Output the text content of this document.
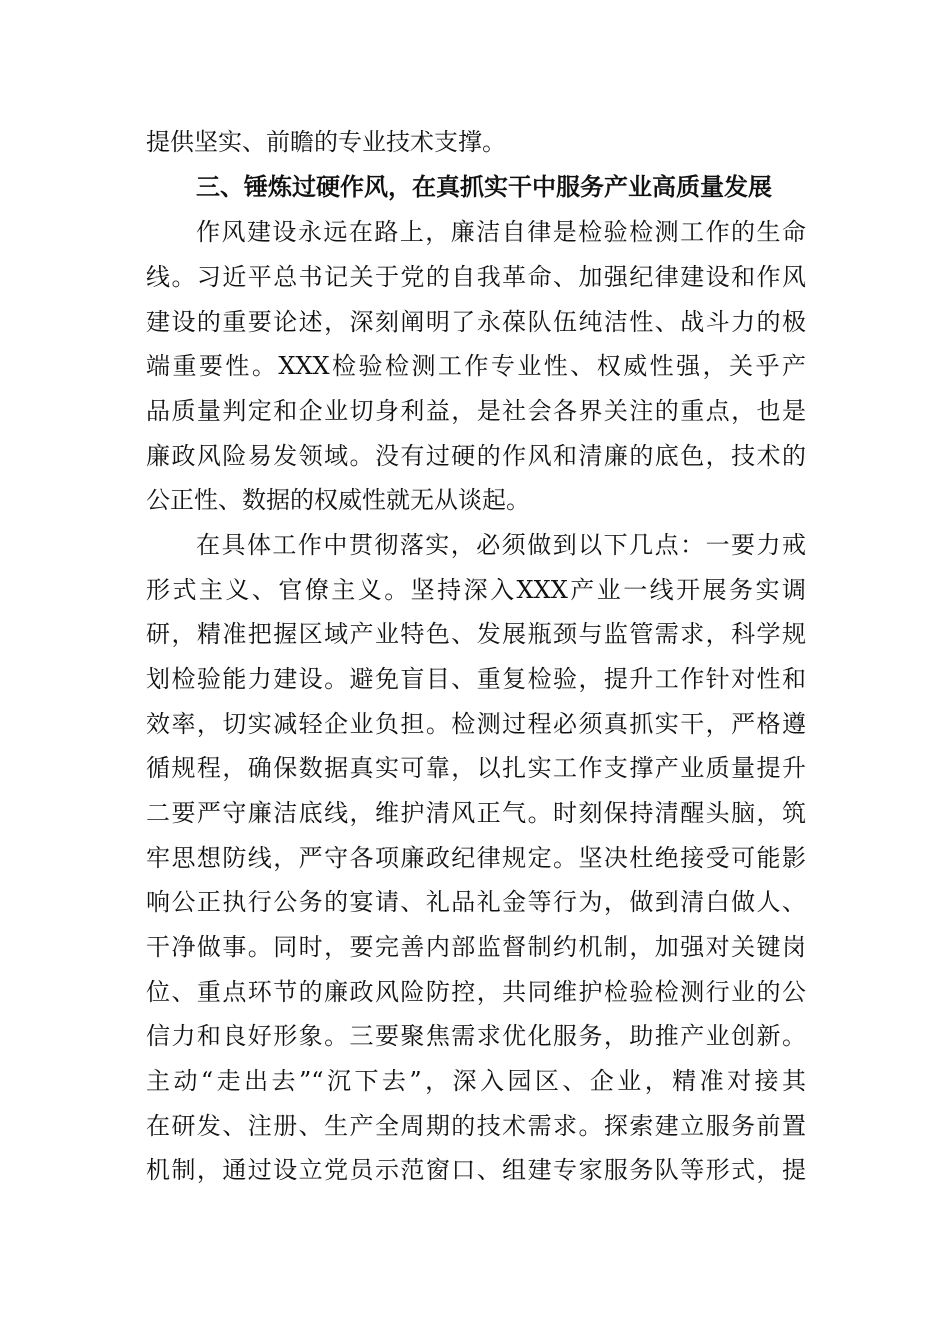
提供坚实、前瞻的专业技术支撑。
三、锤炼过硬作风，在真抓实干中服务产业高质量发展
作风建设永远在路上，廉洁自律是检验检测工作的生命
线。习近平总书记关于党的自我革命、加强纪律建设和作风
建设的重要论述，深刻阐明了永葆队伍纯洁性、战斗力的极
端重要性。XXX检验检测工作专业性、权威性强，关乎产
品质量判定和企业切身利益，是社会各界关注的重点，也是
廉政风险易发领域。没有过硬的作风和清廉的底色，技术的
公正性、数据的权威性就无从谈起。
在具体工作中贯彻落实，必须做到以下几点：一要力戒
形式主义、官僚主义。坚持深入XXX产业一线开展务实调
研，精准把握区域产业特色、发展瓶颈与监管需求，科学规
划检验能力建设。避免盲目、重复检验，提升工作针对性和
效率，切实减轻企业负担。检测过程必须真抓实干，严格遵
循规程，确保数据真实可靠，以扎实工作支撑产业质量提升
二要严守廉洁底线，维护清风正气。时刻保持清醒头脑，筑
牢思想防线，严守各项廉政纪律规定。坚决杜绝接受可能影
响公正执行公务的宴请、礼品礼金等行为，做到清白做人、
干净做事。同时，要完善内部监督制约机制，加强对关键岗
位、重点环节的廉政风险防控，共同维护检验检测行业的公
信力和良好形象。三要聚焦需求优化服务，助推产业创新。
主动“走出去”“沉下去”，深入园区、企业，精准对接其
在研发、注册、生产全周期的技术需求。探索建立服务前置
机制，通过设立党员示范窗口、组建专家服务队等形式，提
